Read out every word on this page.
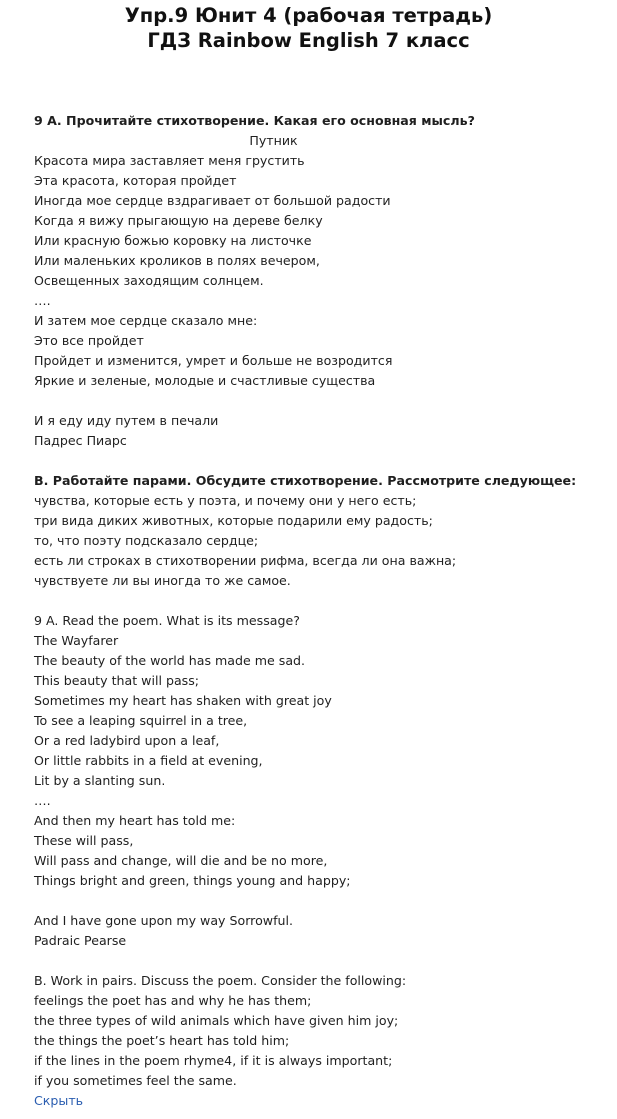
Упр.9 Юнит 4 (рабочая тетрадь)
ГДЗ Rainbow English 7 класс
9 А. Прочитайте стихотворение. Какая его основная мысль?
Путник
Красота мира заставляет меня грустить
Эта красота, которая пройдет
Иногда мое сердце вздрагивает от большой радости
Когда я вижу прыгающую на дереве белку
Или красную божью коровку на листочке
Или маленьких кроликов в полях вечером,
Освещенных заходящим солнцем.
….
И затем мое сердце сказало мне:
Это все пройдет
Пройдет и изменится, умрет и больше не возродится
Яркие и зеленые, молодые и счастливые существа
И я еду иду путем в печали
Падрес Пиарс
В. Работайте парами. Обсудите стихотворение. Рассмотрите следующее:
чувства, которые есть у поэта, и почему они у него есть;
три вида диких животных, которые подарили ему радость;
то, что поэту подсказало сердце;
есть ли строках в стихотворении рифма, всегда ли она важна;
чувствуете ли вы иногда то же самое.
9 A. Read the poem. What is its message?
The Wayfarer
The beauty of the world has made me sad.
This beauty that will pass;
Sometimes my heart has shaken with great joy
To see a leaping squirrel in a tree,
Or a red ladybird upon a leaf,
Or little rabbits in a field at evening,
Lit by a slanting sun.
….
And then my heart has told me:
These will pass,
Will pass and change, will die and be no more,
Things bright and green, things young and happy;
And I have gone upon my way Sorrowful.
Padraic Pearse
B. Work in pairs. Discuss the poem. Consider the following:
feelings the poet has and why he has them;
the three types of wild animals which have given him joy;
the things the poet’s heart has told him;
if the lines in the poem rhyme4, if it is always important;
if you sometimes feel the same.
Скрыть
